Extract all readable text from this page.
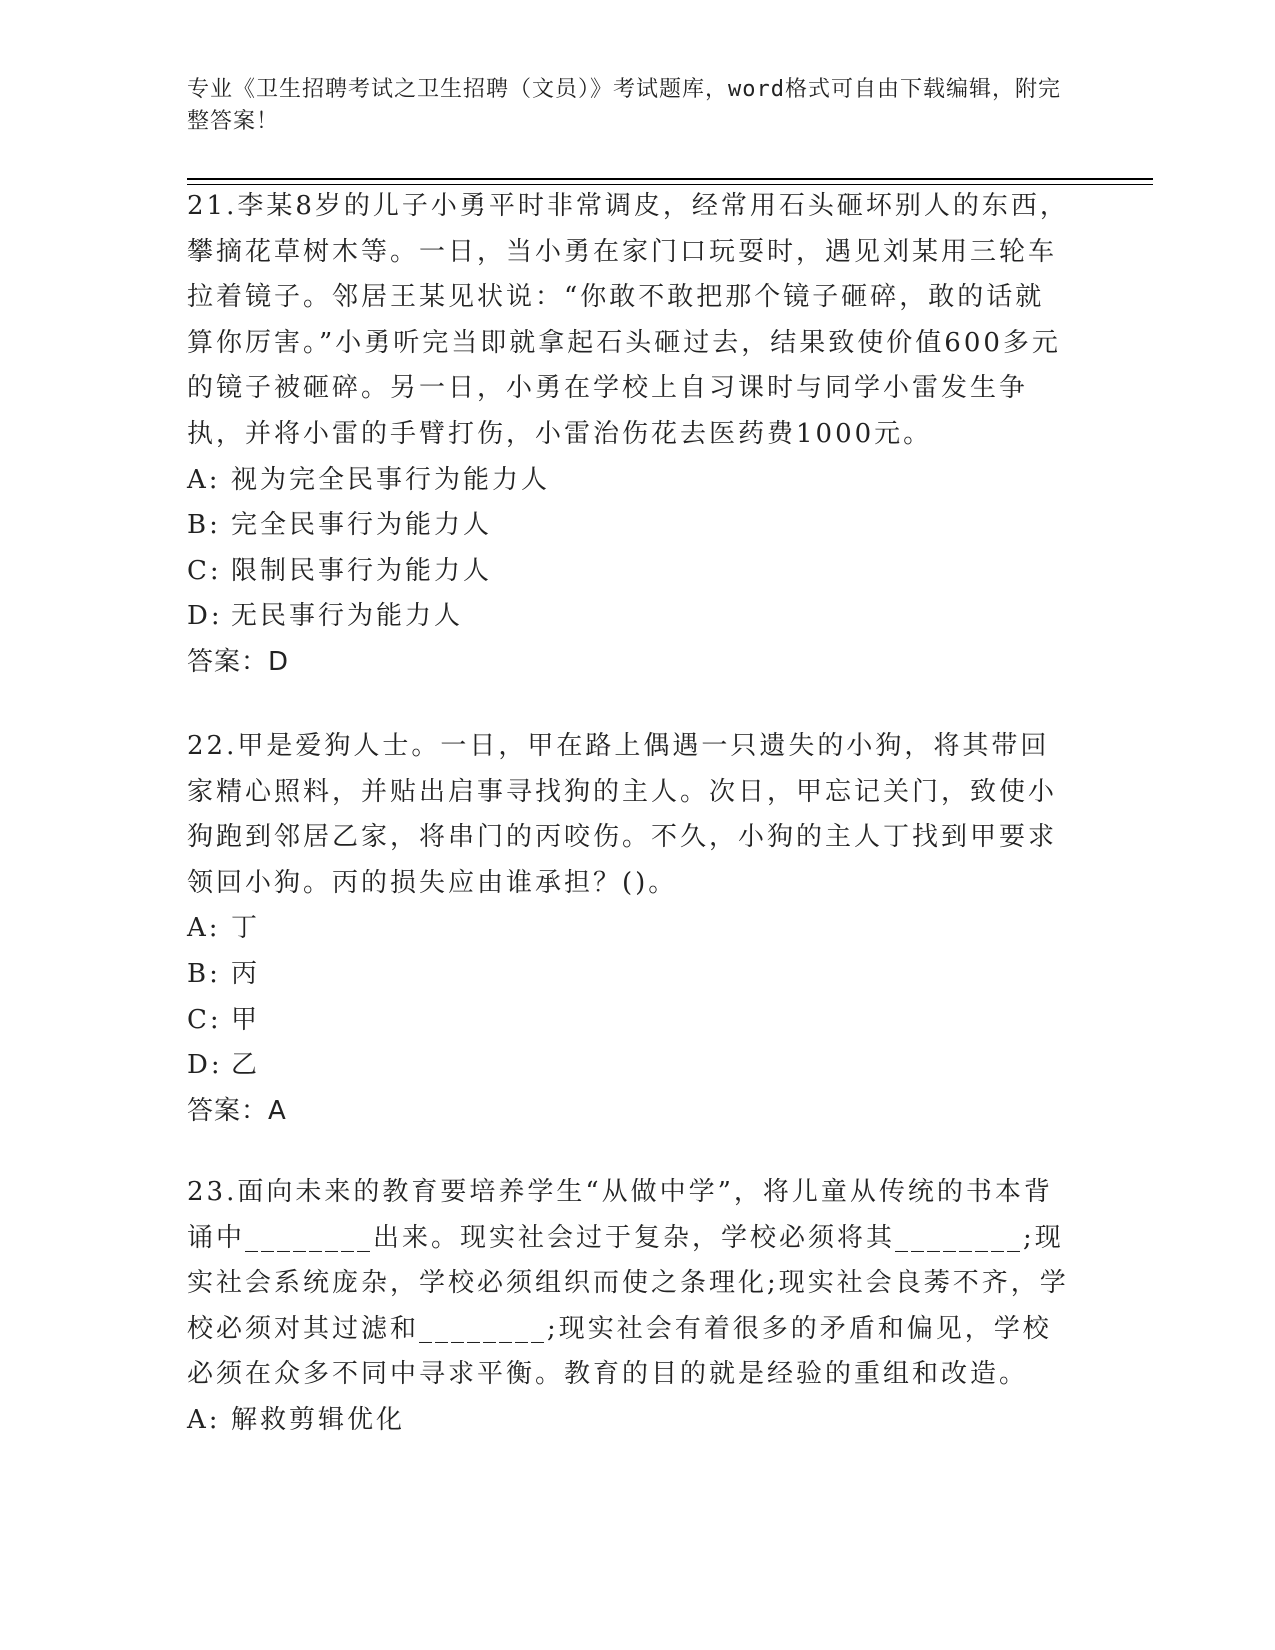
专业《卫生招聘考试之卫生招聘（文员）》考试题库，word格式可自由下载编辑，附完整答案！

21.李某8岁的儿子小勇平时非常调皮，经常用石头砸坏别人的东西，攀摘花草树木等。一日，当小勇在家门口玩耍时，遇见刘某用三轮车拉着镜子。邻居王某见状说：“你敢不敢把那个镜子砸碎，敢的话就算你厉害。”小勇听完当即就拿起石头砸过去，结果致使价值600多元的镜子被砸碎。另一日，小勇在学校上自习课时与同学小雷发生争执，并将小雷的手臂打伤，小雷治伤花去医药费1000元。

A: 视为完全民事行为能力人

B: 完全民事行为能力人

C: 限制民事行为能力人

D: 无民事行为能力人

答案：D

22.甲是爱狗人士。一日，甲在路上偶遇一只遗失的小狗，将其带回家精心照料，并贴出启事寻找狗的主人。次日，甲忘记关门，致使小狗跑到邻居乙家，将串门的丙咬伤。不久，小狗的主人丁找到甲要求领回小狗。丙的损失应由谁承担？()。

A: 丁

B: 丙

C: 甲

D: 乙

答案：A

23.面向未来的教育要培养学生“从做中学”，将儿童从传统的书本背诵中________出来。现实社会过于复杂，学校必须将其________;现实社会系统庞杂，学校必须组织而使之条理化;现实社会良莠不齐，学校必须对其过滤和________;现实社会有着很多的矛盾和偏见，学校必须在众多不同中寻求平衡。教育的目的就是经验的重组和改造。

A: 解救剪辑优化
